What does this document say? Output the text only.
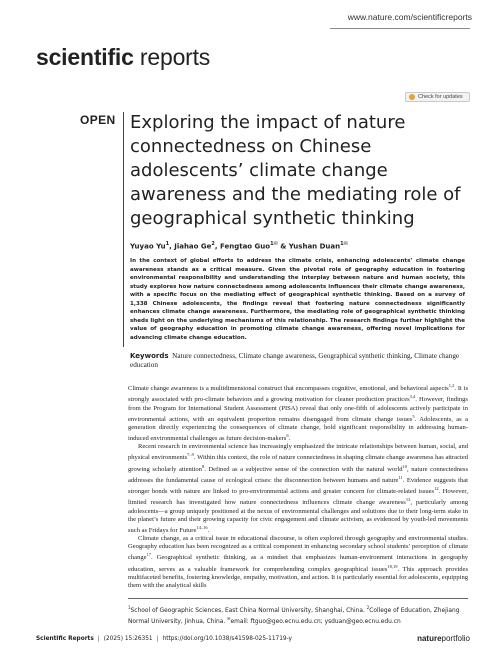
www.nature.com/scientificreports
scientific reports
Check for updates
OPEN Exploring the impact of nature connectedness on Chinese adolescents’ climate change awareness and the mediating role of geographical synthetic thinking
Yuyao Yu$^1$, Jiahao Ge$^2$, Fengtao Guo$^{1✉}$ & Yushan Duan$^{1✉}$

In the context of global efforts to address the climate crisis, enhancing adolescents’ climate change awareness stands as a critical measure. Given the pivotal role of geography education in fostering environmental responsibility and understanding the interplay between nature and human society, this study explores how nature connectedness among adolescents influences their climate change awareness, with a specific focus on the mediating effect of geographical synthetic thinking. Based on a survey of 1,338 Chinese adolescents, the findings reveal that fostering nature connectedness significantly enhances climate change awareness. Furthermore, the mediating role of geographical synthetic thinking sheds light on the underlying mechanisms of this relationship. The research findings further highlight the value of geography education in promoting climate change awareness, offering novel implications for advancing climate change education.

Keywords Nature connectedness, Climate change awareness, Geographical synthetic thinking, Climate change education

Climate change awareness is a multidimensional construct that encompasses cognitive, emotional, and behavioral aspects$^{1,2}$. It is strongly associated with pro-climate behaviors and a growing motivation for cleaner production practices$^{3,4}$. However, findings from the Program for International Student Assessment (PISA) reveal that only one-fifth of adolescents actively participate in environmental actions, with an equivalent proportion remains disengaged from climate change issues$^5$. Adolescents, as a generation directly experiencing the consequences of climate change, hold significant responsibility in addressing human-induced environmental challenges as future decision-makers$^6$.

Recent research in environmental science has increasingly emphasized the intricate relationships between human, social, and physical environments$^{7-9}$. Within this context, the role of nature connectedness in shaping climate change awareness has attracted growing scholarly attention$^8$. Defined as a subjective sense of the connection with the natural world$^{10}$, nature connectedness addresses the fundamental cause of ecological crises: the disconnection between humans and nature$^{11}$. Evidence suggests that stronger bonds with nature are linked to pro-environmental actions and greater concern for climate-related issues$^{12}$. However, limited research has investigated how nature connectedness influences climate change awareness$^{13}$, particularly among adolescents—a group uniquely positioned at the nexus of environmental challenges and solutions due to their long-term stake in the planet’s future and their growing capacity for civic engagement and climate activism, as evidenced by youth-led movements such as Fridays for Future$^{14-16}$.

Climate change, as a critical issue in educational discourse, is often explored through geography and environmental studies. Geography education has been recognized as a critical component in enhancing secondary school students’ perception of climate change$^{17}$. Geographical synthetic thinking, as a mindset that emphasizes human-environment interactions in geography education, serves as a valuable framework for comprehending complex geographical issues$^{18,19}$. This approach provides multifaceted benefits, fostering knowledge, empathy, motivation, and action. It is particularly essential for adolescents, equipping them with the analytical skills

$^1$School of Geographic Sciences, East China Normal University, Shanghai, China. $^2$College of Education, Zhejiang Normal University, Jinhua, China. ✉email: ftguo@geo.ecnu.edu.cn; ysduan@geo.ecnu.edu.cn

Scientific Reports | (2025) 15:26351 | https://doi.org/10.1038/s41598-025-11719-y	natureportfolio
